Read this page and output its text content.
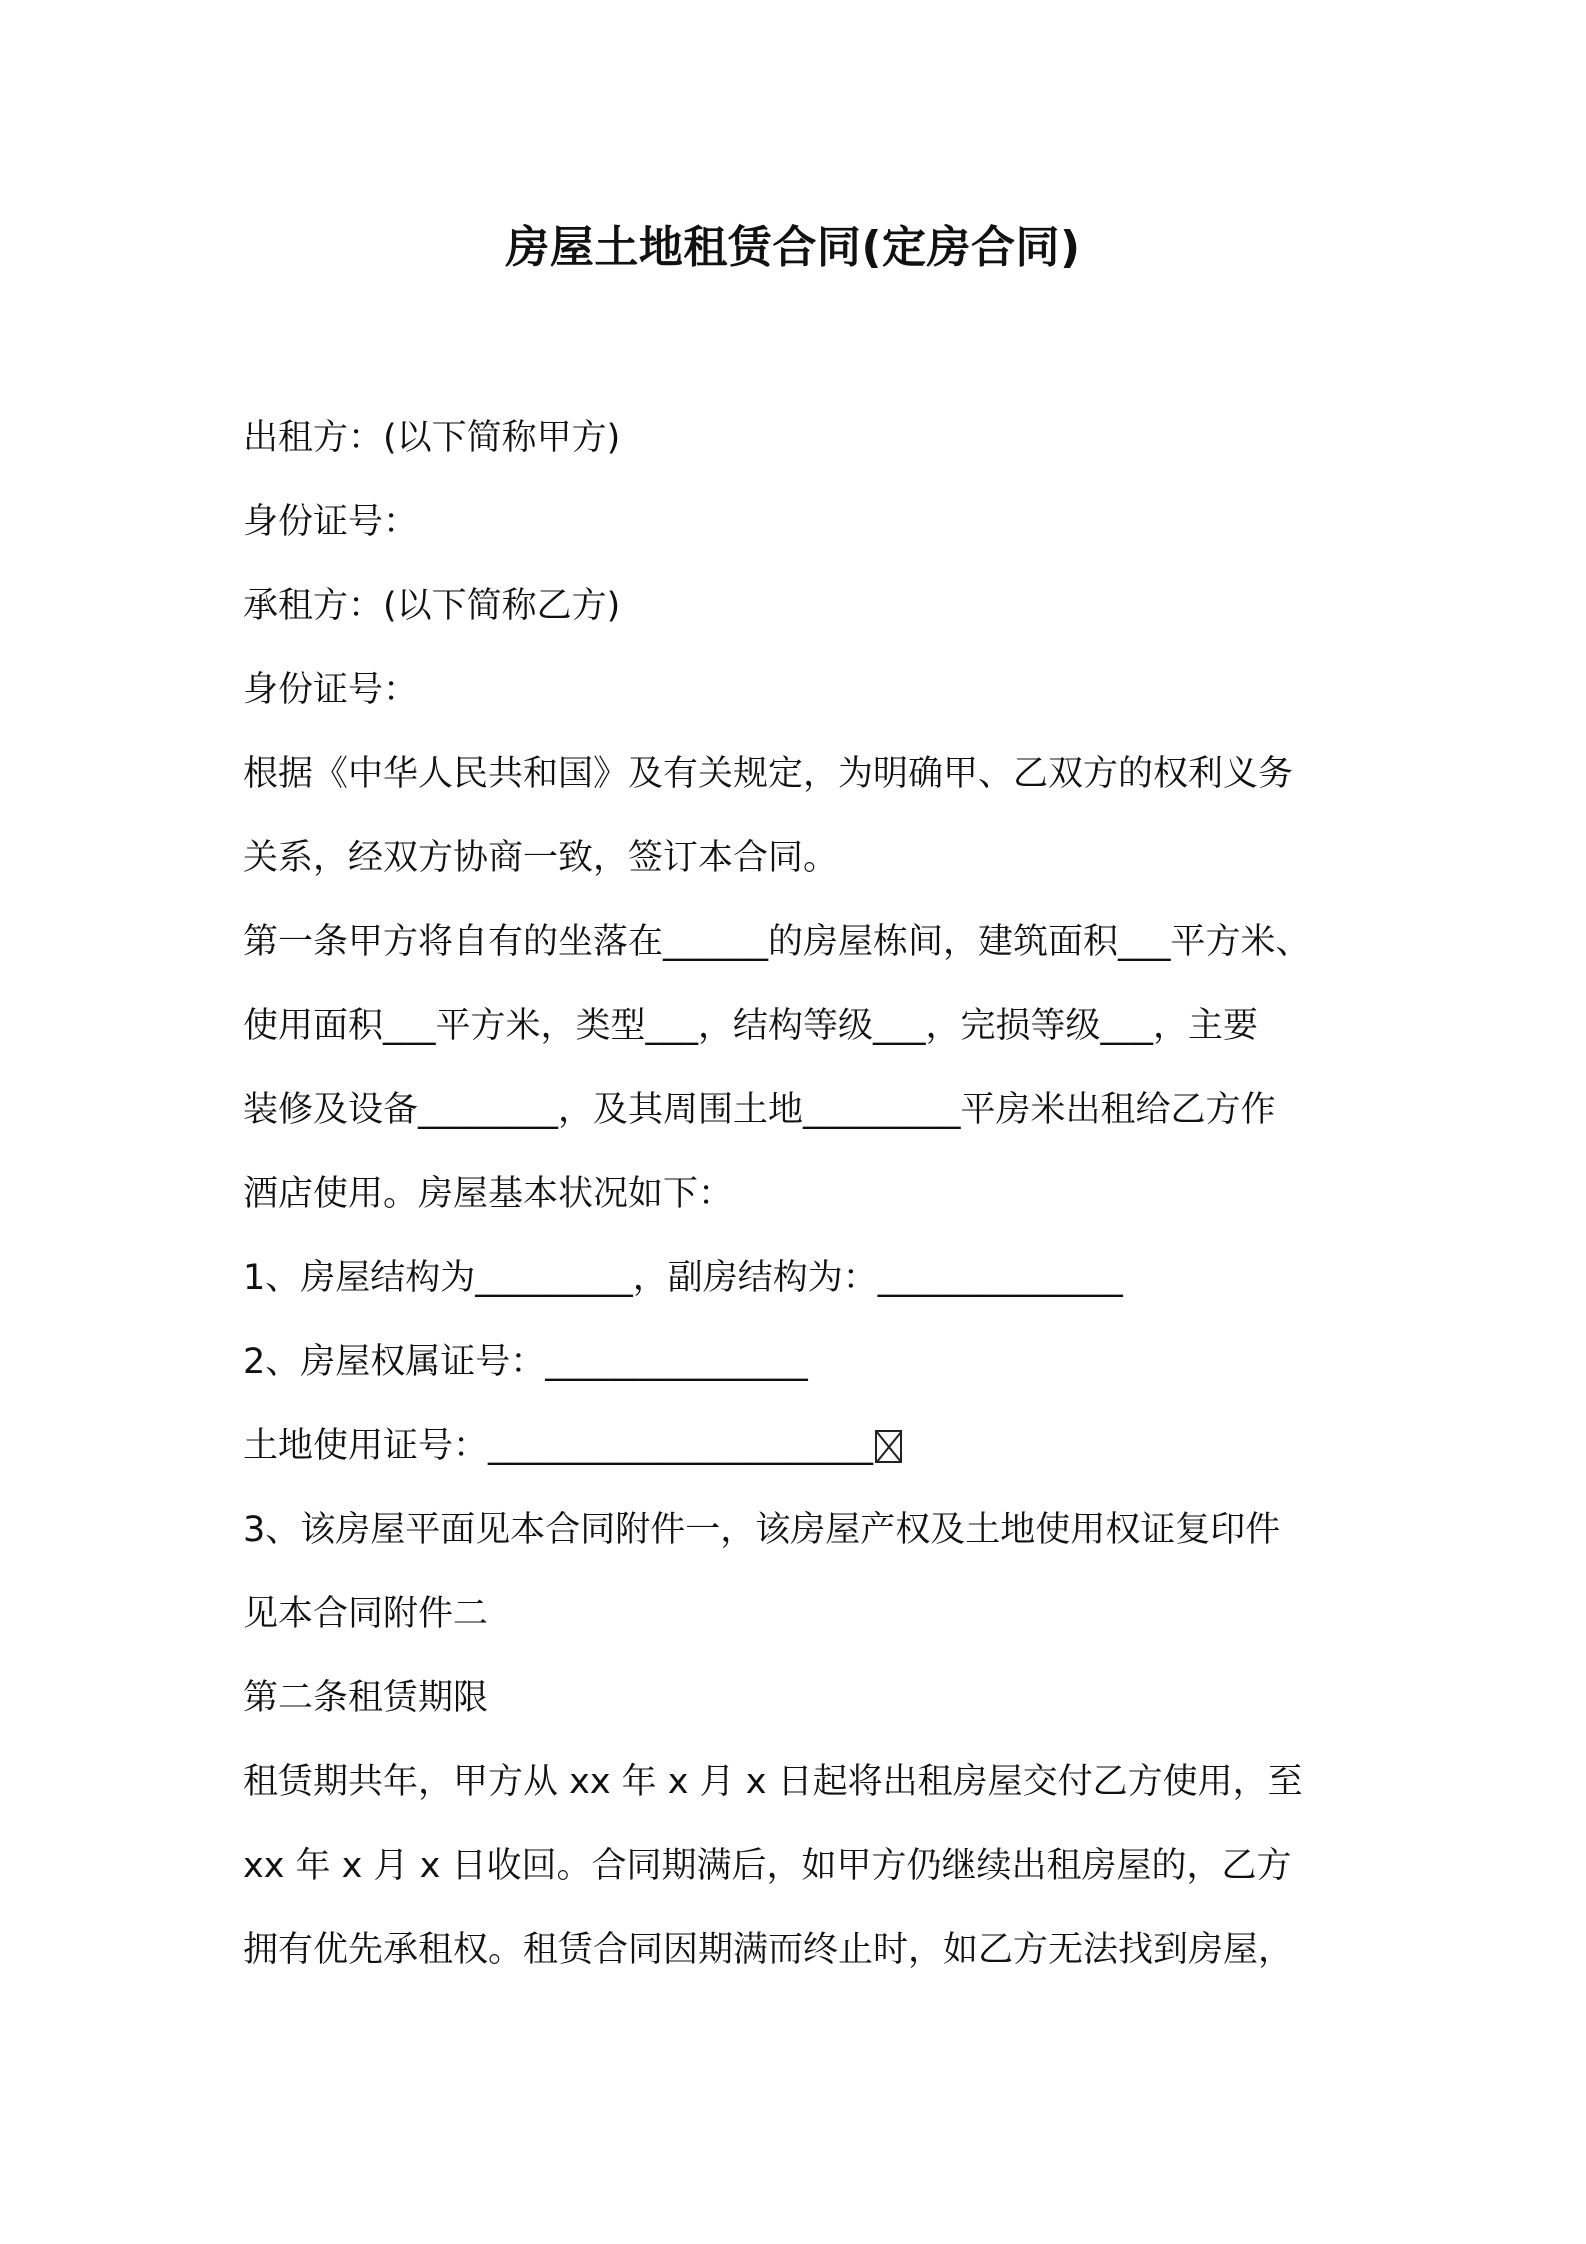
房屋土地租赁合同(定房合同)
出租方：(以下简称甲方)
身份证号：
承租方：(以下简称乙方)
身份证号：
根据《中华人民共和国》及有关规定，为明确甲、乙双方的权利义务
关系，经双方协商一致，签订本合同。
第一条甲方将自有的坐落在______的房屋栋间，建筑面积___平方米、
使用面积___平方米，类型___，结构等级___，完损等级___，主要
装修及设备________，及其周围土地_________平房米出租给乙方作
酒店使用。房屋基本状况如下：
1、房屋结构为_________，副房结构为：______________
2、房屋权属证号：_______________
土地使用证号：______________________
3、该房屋平面见本合同附件一，该房屋产权及土地使用权证复印件
见本合同附件二
第二条租赁期限
租赁期共年，甲方从 xx 年 x 月 x 日起将出租房屋交付乙方使用，至
xx 年 x 月 x 日收回。合同期满后，如甲方仍继续出租房屋的，乙方
拥有优先承租权。租赁合同因期满而终止时，如乙方无法找到房屋，
